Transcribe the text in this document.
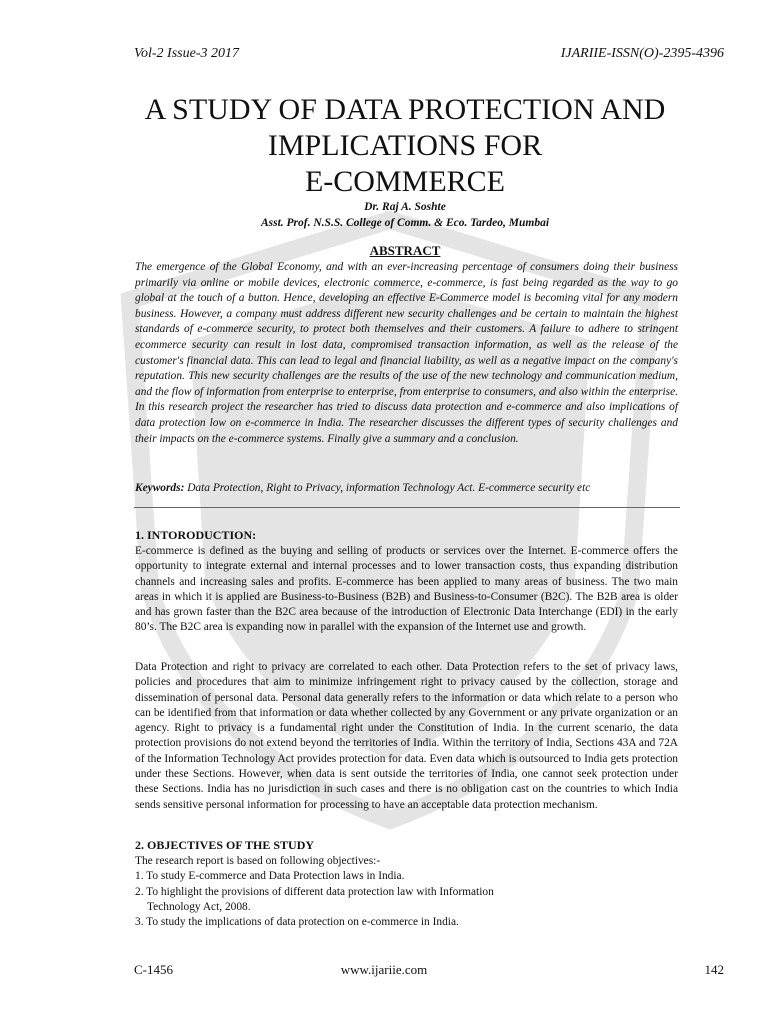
Vol-2 Issue-3 2017	IJARIIE-ISSN(O)-2395-4396
A STUDY OF DATA PROTECTION AND
IMPLICATIONS FOR
E-COMMERCE
Dr. Raj A. Soshte
Asst. Prof. N.S.S. College of Comm. & Eco. Tardeo, Mumbai
ABSTRACT

The emergence of the Global Economy, and with an ever-increasing percentage of consumers doing their business primarily via online or mobile devices, electronic commerce, e-commerce, is fast being regarded as the way to go global at the touch of a button. Hence, developing an effective E-Commerce model is becoming vital for any modern business. However, a company must address different new security challenges and be certain to maintain the highest standards of e-commerce security, to protect both themselves and their customers. A failure to adhere to stringent ecommerce security can result in lost data, compromised transaction information, as well as the release of the customer's financial data. This can lead to legal and financial liability, as well as a negative impact on the company's reputation. This new security challenges are the results of the use of the new technology and communication medium, and the flow of information from enterprise to enterprise, from enterprise to consumers, and also within the enterprise. In this research project the researcher has tried to discuss data protection and e-commerce and also implications of data protection low on e-commerce in India. The researcher discusses the different types of security challenges and their impacts on the e-commerce systems. Finally give a summary and a conclusion.

Keywords: Data Protection, Right to Privacy, information Technology Act. E-commerce security etc
1. INTORODUCTION:

E-commerce is defined as the buying and selling of products or services over the Internet. E-commerce offers the opportunity to integrate external and internal processes and to lower transaction costs, thus expanding distribution channels and increasing sales and profits. E-commerce has been applied to many areas of business. The two main areas in which it is applied are Business-to-Business (B2B) and Business-to-Consumer (B2C). The B2B area is older and has grown faster than the B2C area because of the introduction of Electronic Data Interchange (EDI) in the early 80’s. The B2C area is expanding now in parallel with the expansion of the Internet use and growth.

Data Protection and right to privacy are correlated to each other. Data Protection refers to the set of privacy laws, policies and procedures that aim to minimize infringement right to privacy caused by the collection, storage and dissemination of personal data. Personal data generally refers to the information or data which relate to a person who can be identified from that information or data whether collected by any Government or any private organization or an agency. Right to privacy is a fundamental right under the Constitution of India. In the current scenario, the data protection provisions do not extend beyond the territories of India. Within the territory of India, Sections 43A and 72A of the Information Technology Act provides protection for data. Even data which is outsourced to India gets protection under these Sections. However, when data is sent outside the territories of India, one cannot seek protection under these Sections. India has no jurisdiction in such cases and there is no obligation cast on the countries to which India sends sensitive personal information for processing to have an acceptable data protection mechanism.

2. OBJECTIVES OF THE STUDY
The research report is based on following objectives:-
1. To study E-commerce and Data Protection laws in India.
2. To highlight the provisions of different data protection law with Information
Technology Act, 2008.
3. To study the implications of data protection on e-commerce in India.
C-1456	www.ijariie.com	142
